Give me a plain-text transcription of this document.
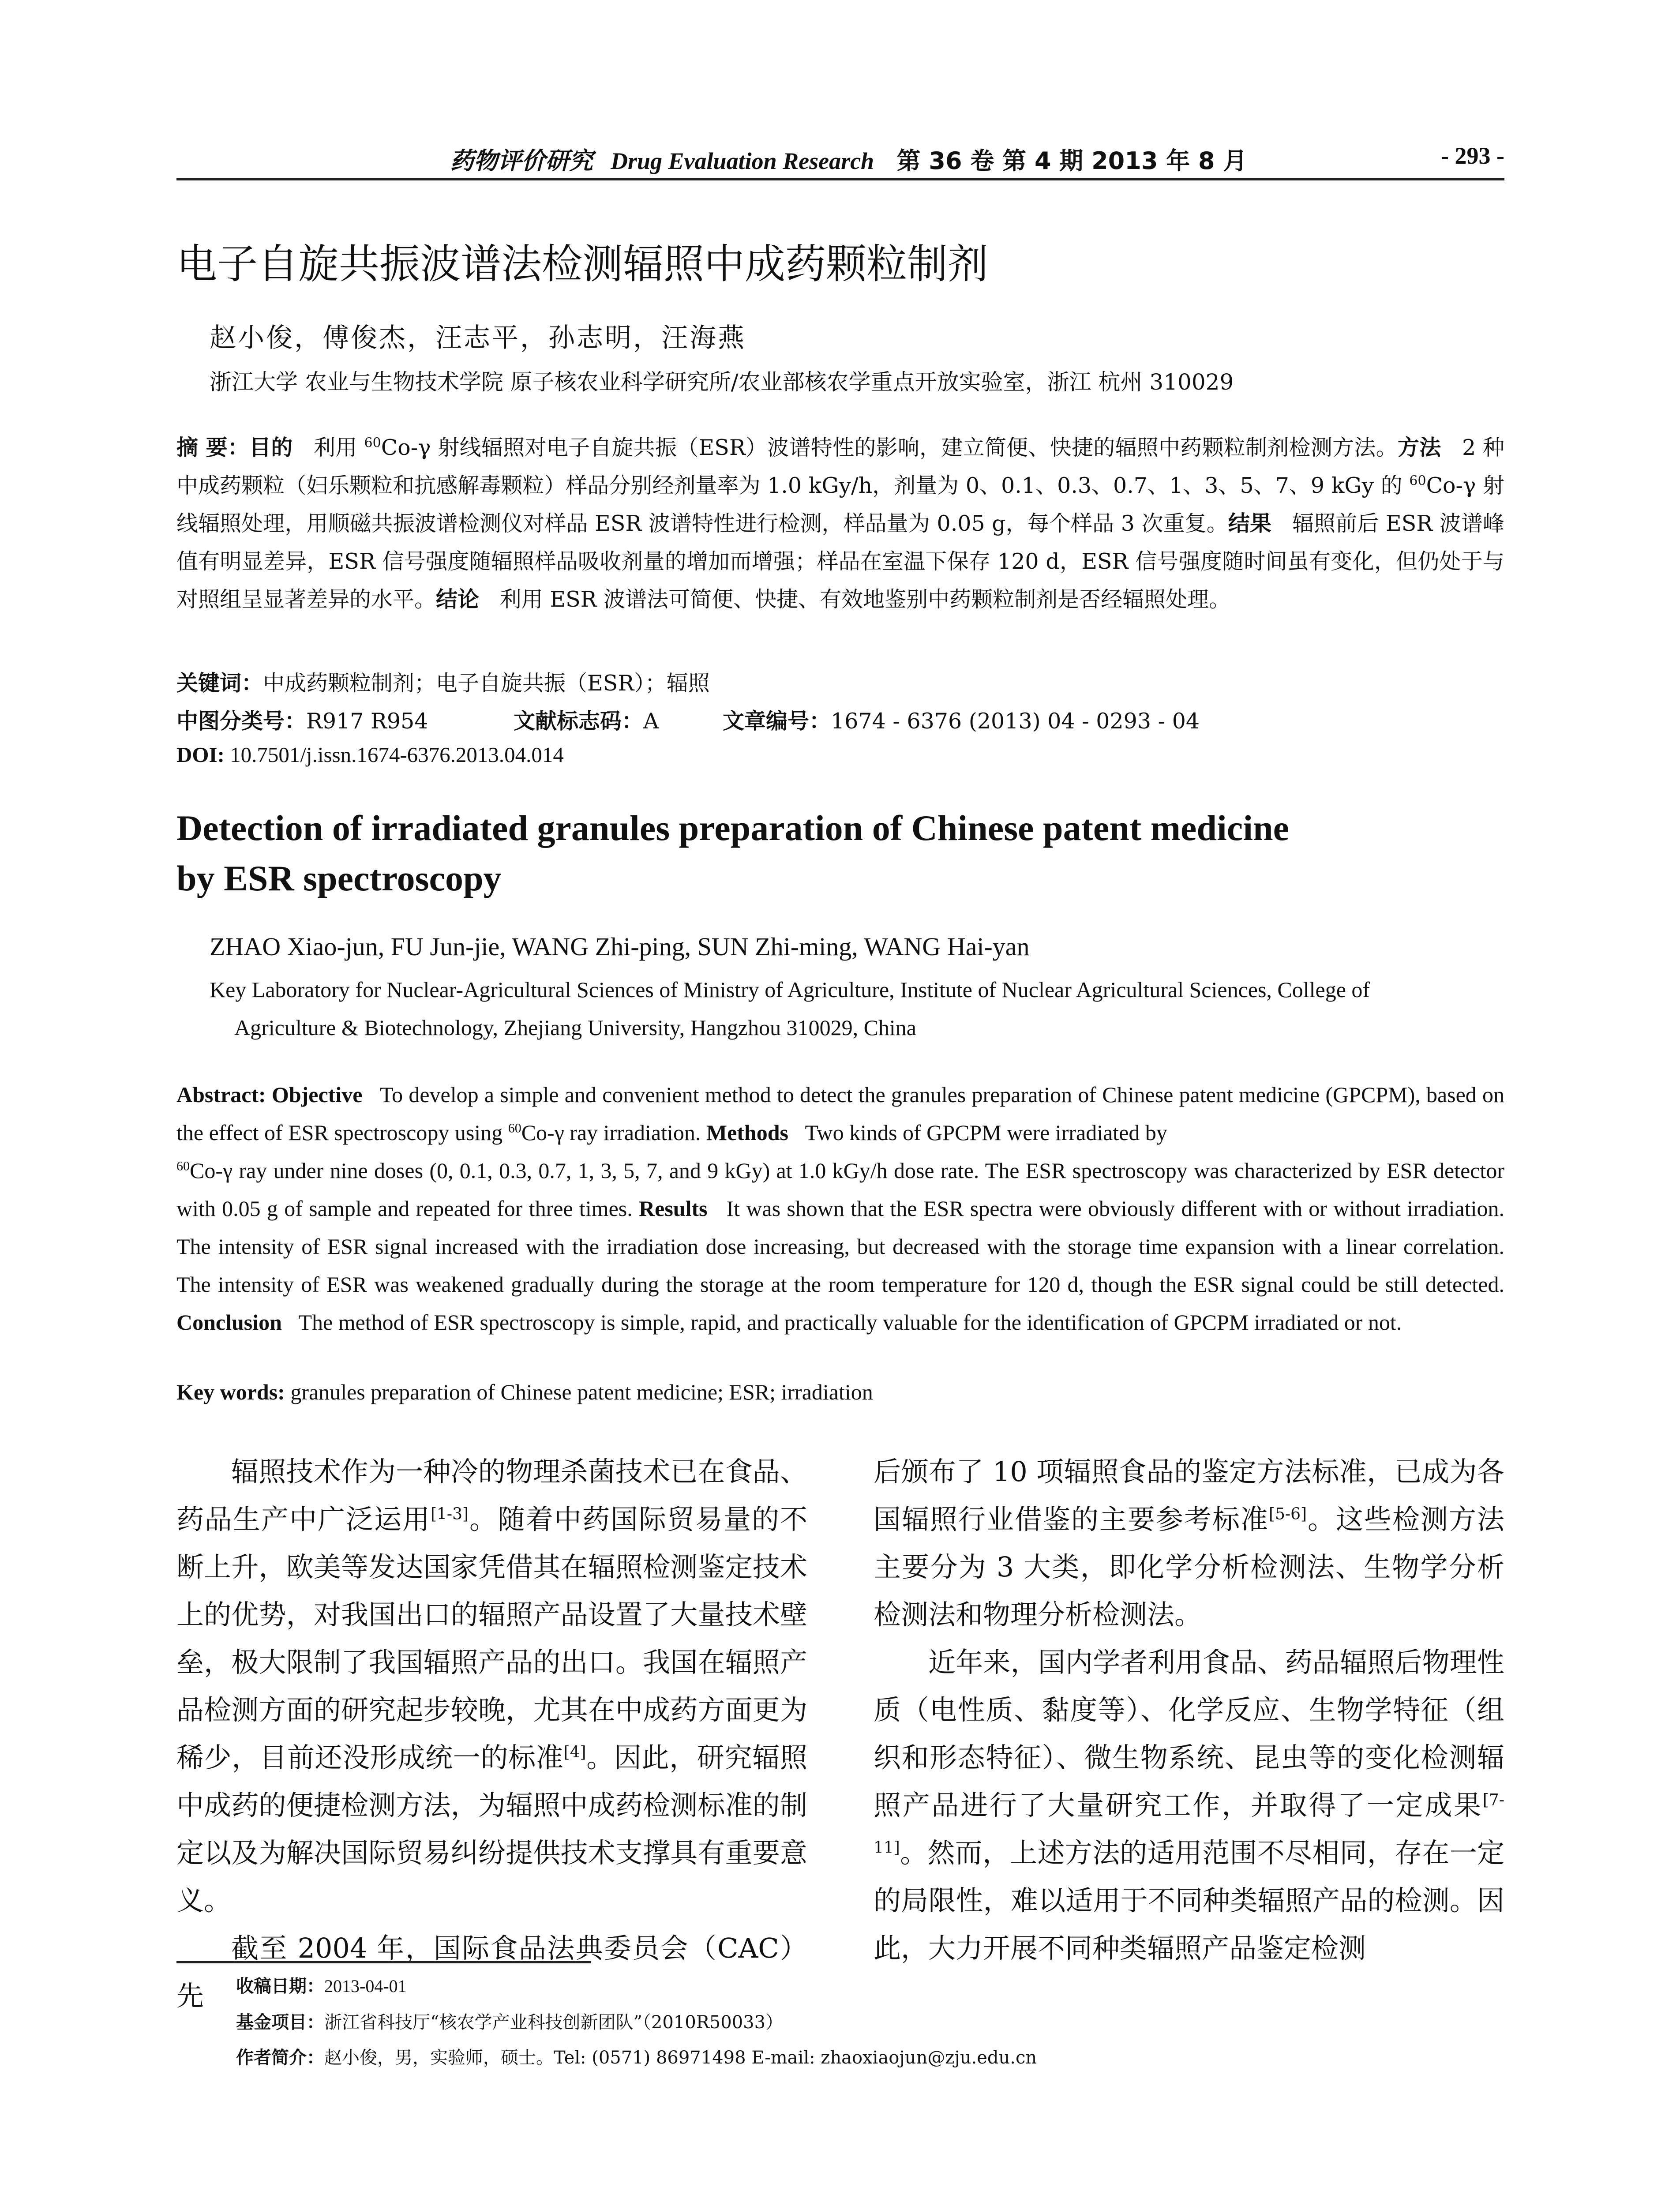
药物评价研究 Drug Evaluation Research 第 36 卷 第 4 期 2013 年 8 月	- 293 -
电子自旋共振波谱法检测辐照中成药颗粒制剂
赵小俊，傅俊杰，汪志平，孙志明，汪海燕
浙江大学 农业与生物技术学院 原子核农业科学研究所/农业部核农学重点开放实验室，浙江 杭州 310029
摘 要：目的 利用 $^{60}$Co-γ 射线辐照对电子自旋共振（ESR）波谱特性的影响，建立简便、快捷的辐照中药颗粒制剂检测方法。方法 2 种中成药颗粒（妇乐颗粒和抗感解毒颗粒）样品分别经剂量率为 1.0 kGy/h，剂量为 0、0.1、0.3、0.7、1、3、5、7、9 kGy 的 $^{60}$Co-γ 射线辐照处理，用顺磁共振波谱检测仪对样品 ESR 波谱特性进行检测，样品量为 0.05 g，每个样品 3 次重复。结果 辐照前后 ESR 波谱峰值有明显差异，ESR 信号强度随辐照样品吸收剂量的增加而增强；样品在室温下保存 120 d，ESR 信号强度随时间虽有变化，但仍处于与对照组呈显著差异的水平。结论 利用 ESR 波谱法可简便、快捷、有效地鉴别中药颗粒制剂是否经辐照处理。
关键词：中成药颗粒制剂；电子自旋共振（ESR）；辐照
中图分类号：R917 R954	文献标志码：A	文章编号：1674 - 6376 (2013) 04 - 0293 - 04
DOI: 10.7501/j.issn.1674-6376.2013.04.014
Detection of irradiated granules preparation of Chinese patent medicine
by ESR spectroscopy
ZHAO Xiao-jun, FU Jun-jie, WANG Zhi-ping, SUN Zhi-ming, WANG Hai-yan
Key Laboratory for Nuclear-Agricultural Sciences of Ministry of Agriculture, Institute of Nuclear Agricultural Sciences, College of
Agriculture & Biotechnology, Zhejiang University, Hangzhou 310029, China
Abstract: Objective To develop a simple and convenient method to detect the granules preparation of Chinese patent medicine (GPCPM), based on the effect of ESR spectroscopy using $^{60}$Co-γ ray irradiation. Methods Two kinds of GPCPM were irradiated by
$^{60}$Co-γ ray under nine doses (0, 0.1, 0.3, 0.7, 1, 3, 5, 7, and 9 kGy) at 1.0 kGy/h dose rate. The ESR spectroscopy was characterized by ESR detector with 0.05 g of sample and repeated for three times. Results It was shown that the ESR spectra were obviously different with or without irradiation. The intensity of ESR signal increased with the irradiation dose increasing, but decreased with the storage time expansion with a linear correlation. The intensity of ESR was weakened gradually during the storage at the room temperature for 120 d, though the ESR signal could be still detected. Conclusion The method of ESR spectroscopy is simple, rapid, and practically valuable for the identification of GPCPM irradiated or not.
Key words: granules preparation of Chinese patent medicine; ESR; irradiation

辐照技术作为一种冷的物理杀菌技术已在食品、药品生产中广泛运用[1-3]。随着中药国际贸易量的不断上升，欧美等发达国家凭借其在辐照检测鉴定技术上的优势，对我国出口的辐照产品设置了大量技术壁垒，极大限制了我国辐照产品的出口。我国在辐照产品检测方面的研究起步较晚，尤其在中成药方面更为稀少，目前还没形成统一的标准[4]。因此，研究辐照中成药的便捷检测方法，为辐照中成药检测标准的制定以及为解决国际贸易纠纷提供技术支撑具有重要意义。

截至 2004 年，国际食品法典委员会（CAC）先

后颁布了 10 项辐照食品的鉴定方法标准，已成为各国辐照行业借鉴的主要参考标准[5-6]。这些检测方法主要分为 3 大类，即化学分析检测法、生物学分析检测法和物理分析检测法。

近年来，国内学者利用食品、药品辐照后物理性质（电性质、黏度等）、化学反应、生物学特征（组织和形态特征）、微生物系统、昆虫等的变化检测辐照产品进行了大量研究工作，并取得了一定成果[7-11]。然而，上述方法的适用范围不尽相同，存在一定的局限性，难以适用于不同种类辐照产品的检测。因此，大力开展不同种类辐照产品鉴定检测

收稿日期：2013-04-01
基金项目：浙江省科技厅“核农学产业科技创新团队”（2010R50033）
作者简介：赵小俊，男，实验师，硕士。Tel: (0571) 86971498 E-mail: zhaoxiaojun@zju.edu.cn
